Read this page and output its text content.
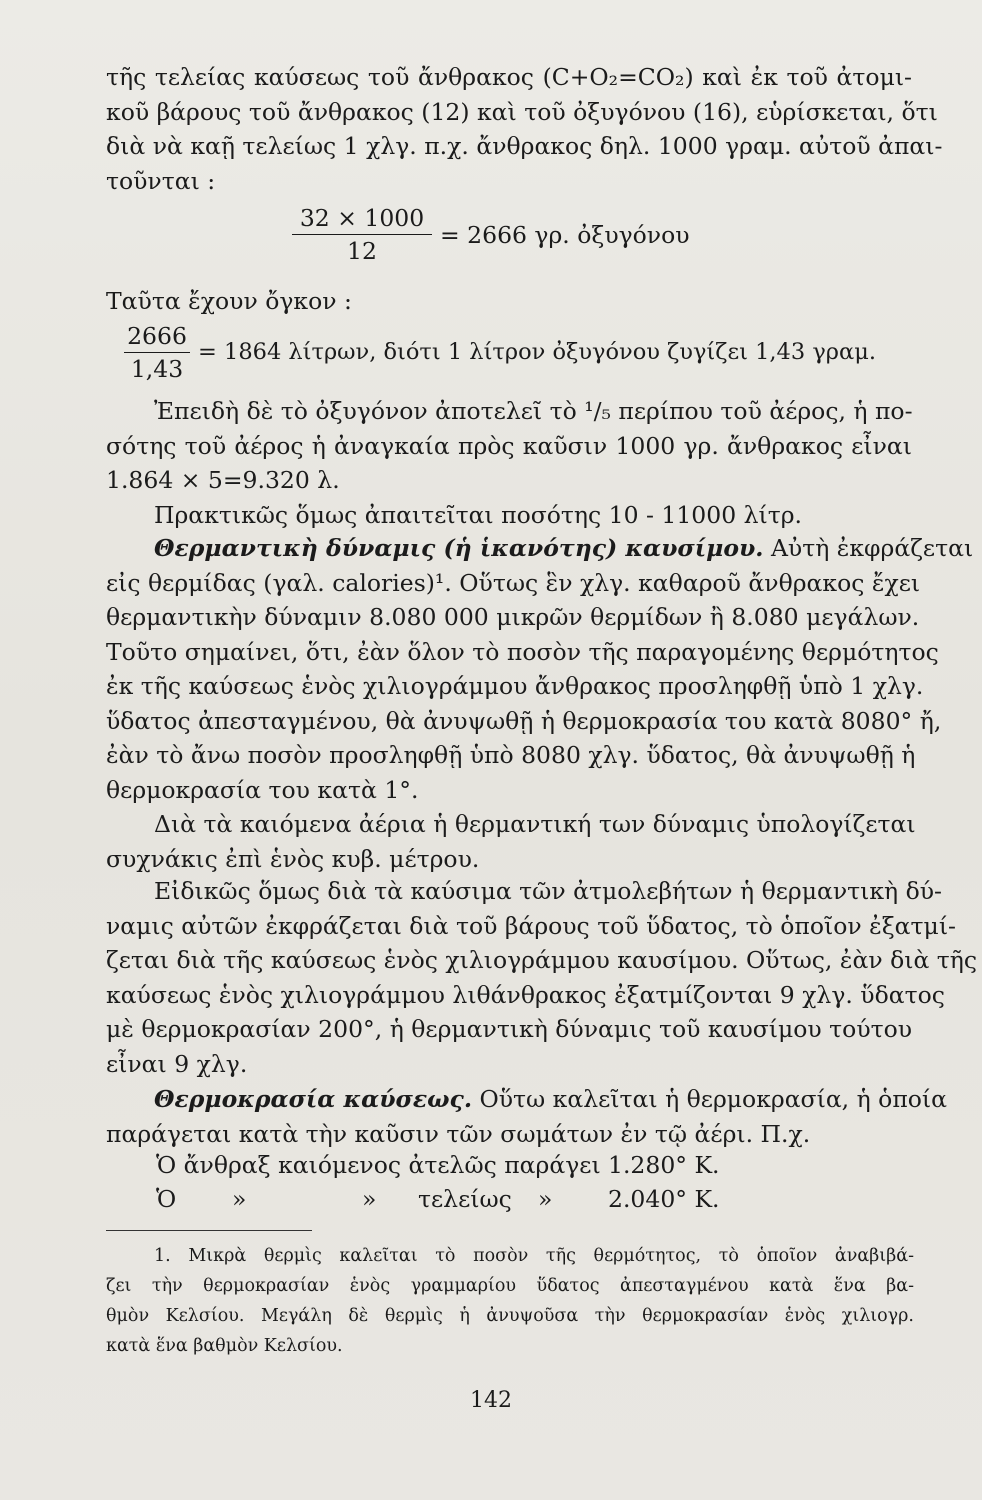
τῆς τελείας καύσεως τοῦ ἄνθρακος (C+O₂=CO₂) καὶ ἐκ τοῦ ἀτομι-
κοῦ βάρους τοῦ ἄνθρακος (12) καὶ τοῦ ὀξυγόνου (16), εὑρίσκεται, ὅτι
διὰ νὰ καῇ τελείως 1 χλγ. π.χ. ἄνθρακος δηλ. 1000 γραμ. αὐτοῦ ἀπαι-
τοῦνται :
32 × 1000
12
= 2666 γρ. ὀξυγόνου
Ταῦτα ἔχουν ὄγκον :
2666
1,43
= 1864 λίτρων, διότι 1 λίτρον ὀξυγόνου ζυγίζει 1,43 γραμ.
Ἐπειδὴ δὲ τὸ ὀξυγόνον ἀποτελεῖ τὸ ¹/₅ περίπου τοῦ ἀέρος, ἡ πο-
σότης τοῦ ἀέρος ἡ ἀναγκαία πρὸς καῦσιν 1000 γρ. ἄνθρακος εἶναι
1.864 × 5=9.320 λ.
Πρακτικῶς ὅμως ἀπαιτεῖται ποσότης 10 - 11000 λίτρ.
Θερμαντικὴ δύναμις (ἡ ἱκανότης) καυσίμου. Αὐτὴ ἐκφράζεται
εἰς θερμίδας (γαλ. calories)¹. Οὕτως ἓν χλγ. καθαροῦ ἄνθρακος ἔχει
θερμαντικὴν δύναμιν 8.080 000 μικρῶν θερμίδων ἢ 8.080 μεγάλων.
Τοῦτο σημαίνει, ὅτι, ἐὰν ὅλον τὸ ποσὸν τῆς παραγομένης θερμότητος
ἐκ τῆς καύσεως ἑνὸς χιλιογράμμου ἄνθρακος προσληφθῇ ὑπὸ 1 χλγ.
ὕδατος ἀπεσταγμένου, θὰ ἀνυψωθῇ ἡ θερμοκρασία του κατὰ 8080° ἤ,
ἐὰν τὸ ἄνω ποσὸν προσληφθῇ ὑπὸ 8080 χλγ. ὕδατος, θὰ ἀνυψωθῇ ἡ
θερμοκρασία του κατὰ 1°.
Διὰ τὰ καιόμενα ἀέρια ἡ θερμαντική των δύναμις ὑπολογίζεται
συχνάκις ἐπὶ ἑνὸς κυβ. μέτρου.
Εἰδικῶς ὅμως διὰ τὰ καύσιμα τῶν ἀτμολεβήτων ἡ θερμαντικὴ δύ-
ναμις αὐτῶν ἐκφράζεται διὰ τοῦ βάρους τοῦ ὕδατος, τὸ ὁποῖον ἐξατμί-
ζεται διὰ τῆς καύσεως ἑνὸς χιλιογράμμου καυσίμου. Οὕτως, ἐὰν διὰ τῆς
καύσεως ἑνὸς χιλιογράμμου λιθάνθρακος ἐξατμίζονται 9 χλγ. ὕδατος
μὲ θερμοκρασίαν 200°, ἡ θερμαντικὴ δύναμις τοῦ καυσίμου τούτου
εἶναι 9 χλγ.
Θερμοκρασία καύσεως. Οὕτω καλεῖται ἡ θερμοκρασία, ἡ ὁποία
παράγεται κατὰ τὴν καῦσιν τῶν σωμάτων ἐν τῷ ἀέρι. Π.χ.
Ὁ ἄνθραξ καιόμενος ἀτελῶς παράγει 1.280° Κ.
Ὁ »	» τελείως » 2.040° Κ.
1. Μικρὰ θερμὶς καλεῖται τὸ ποσὸν τῆς θερμότητος, τὸ ὁποῖον ἀναβιβά-
ζει τὴν θερμοκρασίαν ἑνὸς γραμμαρίου ὕδατος ἀπεσταγμένου κατὰ ἕνα βα-
θμὸν Κελσίου. Μεγάλη δὲ θερμὶς ἡ ἀνυψοῦσα τὴν θερμοκρασίαν ἑνὸς χιλιογρ.
κατὰ ἕνα βαθμὸν Κελσίου.
142
